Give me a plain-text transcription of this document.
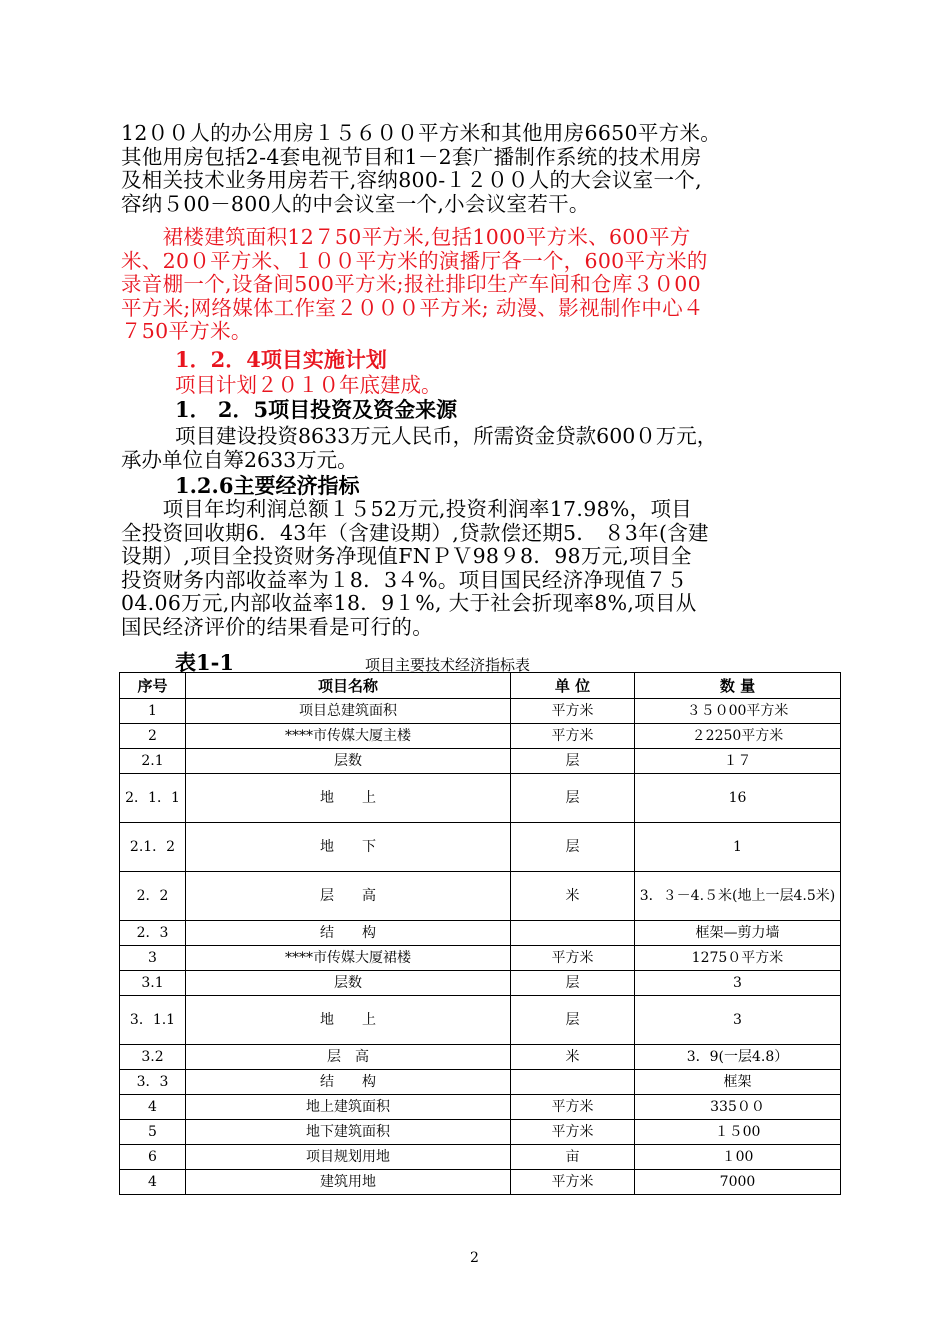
12００人的办公用房１５６００平方米和其他用房6650平方米。
其他用房包括2-4套电视节目和1－2套广播制作系统的技术用房
及相关技术业务用房若干,容纳800-１２００人的大会议室一个,
容纳５00－800人的中会议室一个,小会议室若干。
　　裙楼建筑面积12７50平方米,包括1000平方米、600平方
米、20０平方米、１００平方米的演播厅各一个，600平方米的
录音棚一个,设备间500平方米;报社排印生产车间和仓库３０00
平方米;网络媒体工作室２０００平方米; 动漫、影视制作中心４
７50平方米。
1．2．4项目实施计划
项目计划２０１０年底建成。
1． 2．5项目投资及资金来源
项目建设投资8633万元人民币，所需资金贷款600０万元，
承办单位自筹2633万元。
1.2.6主要经济指标
　　项目年均利润总额１５52万元,投资利润率17.98%，项目
全投资回收期6．43年（含建设期）,贷款偿还期5． ８3年(含建
设期）,项目全投资财务净现值FNＰＶ98９8．98万元,项目全
投资财务内部收益率为１8．3４%。项目国民经济净现值７５
04.06万元,内部收益率18．9１%, 大于社会折现率8%,项目从
国民经济评价的结果看是可行的。
表1-1	项目主要技术经济指标表
序号	项目名称	单 位	数 量
1	项目总建筑面积	平方米	３５０00平方米
2	****市传媒大厦主楼	平方米	２2250平方米
2.1	层数	层	１７
2．1．1	地　　上	层	16
2.1．2	地　　下	层	1
2．2	层　　高	米	3．３－4.５米(地上一层4.5米)
2．3	结　　构		框架—剪力墙
3	****市传媒大厦裙楼	平方米	1275０平方米
3.1	层数	层	3
3．1.1	地　　上	层	3
3.2	层　高	米	3．9(一层4.8）
3．3	结　　构		框架
4	地上建筑面积	平方米	335００
5	地下建筑面积	平方米	１５00
6	项目规划用地	亩	１00
4	建筑用地	平方米	7000
2
